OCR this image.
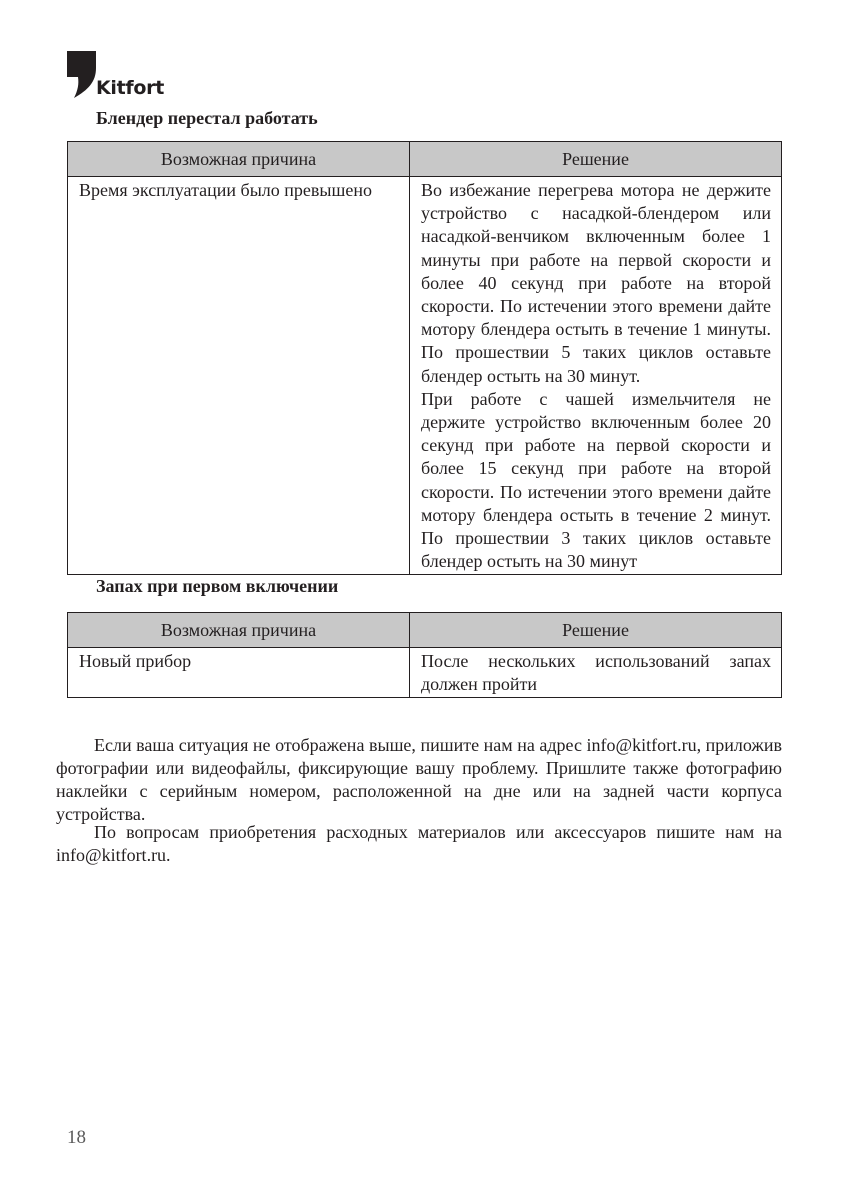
Kitfort
Блендер перестал работать
Возможная причина	Решение
Время эксплуатации было превышено	Во избежание перегрева мотора не держите устройство с насадкой-блендером или насадкой-венчиком включенным более 1 минуты при работе на первой скорости и более 40 секунд при работе на второй скорости. По истечении этого времени дайте мотору блендера остыть в течение 1 минуты. По прошествии 5 таких циклов оставьте блендер остыть на 30 минут.
При работе с чашей измельчителя не держите устройство включенным более 20 секунд при работе на первой скорости и более 15 секунд при работе на второй скорости. По истечении этого времени дайте мотору блендера остыть в течение 2 минут. По прошествии 3 таких циклов оставьте блендер остыть на 30 минут
Запах при первом включении
Возможная причина	Решение
Новый прибор	После нескольких использований запах должен пройти

Если ваша ситуация не отображена выше, пишите нам на адрес info@kitfort.ru, приложив фотографии или видеофайлы, фиксирующие вашу проблему. Пришлите также фотографию наклейки с серийным номером, расположенной на дне или на задней части корпуса устройства.

По вопросам приобретения расходных материалов или аксессуаров пишите нам на info@kitfort.ru.

18
